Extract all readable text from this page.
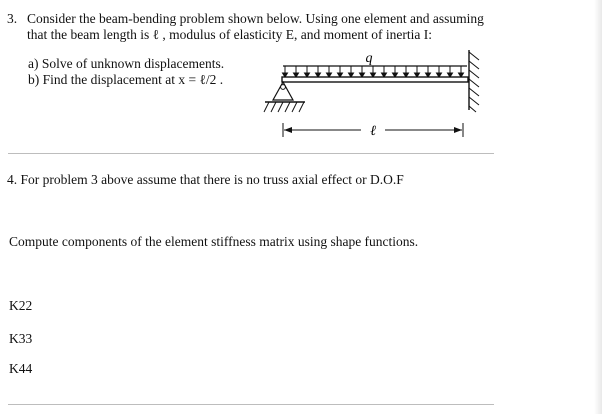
3. Consider the beam-bending problem shown below. Using one element and assuming
that the beam length is ℓ , modulus of elasticity E, and moment of inertia I:
a) Solve of unknown displacements.
b) Find the displacement at x = ℓ/2 .
q
ℓ
4. For problem 3 above assume that there is no truss axial effect or D.O.F
Compute components of the element stiffness matrix using shape functions.
K22
K33
K44
